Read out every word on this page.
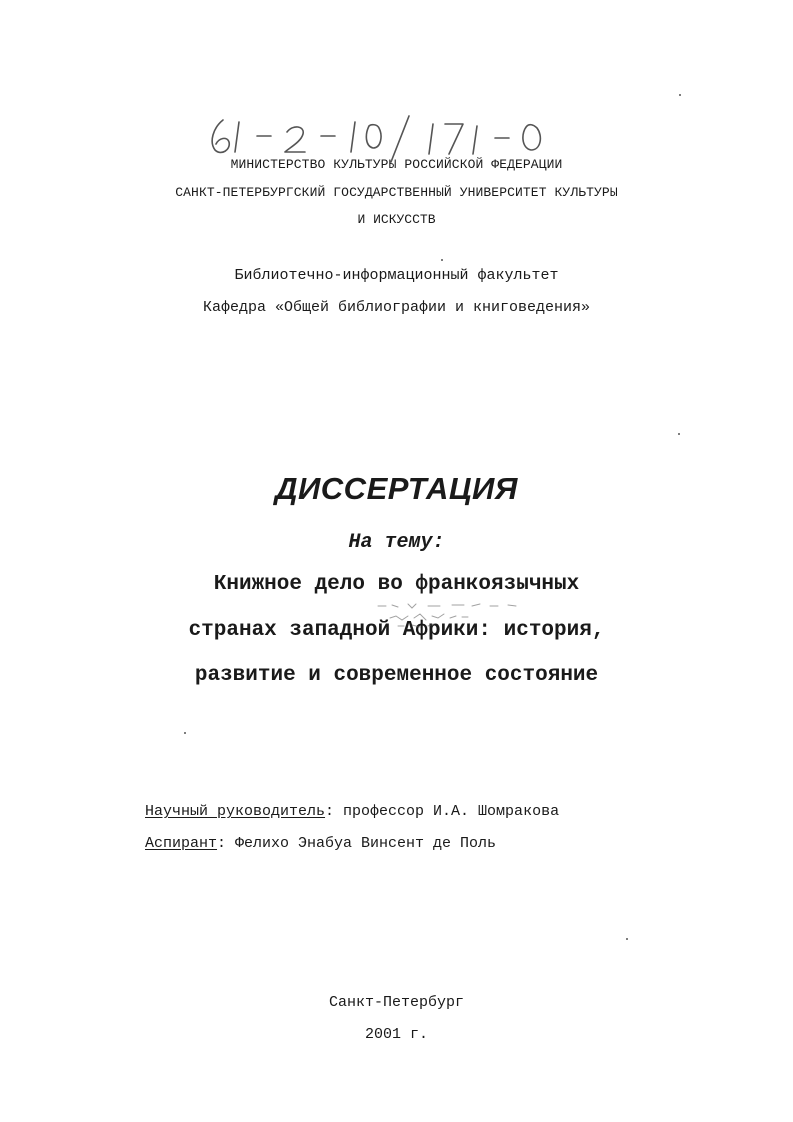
МИНИСТЕРСТВО КУЛЬТУРЫ РОССИЙСКОЙ ФЕДЕРАЦИИ
САНКТ-ПЕТЕРБУРГСКИЙ ГОСУДАРСТВЕННЫЙ УНИВЕРСИТЕТ КУЛЬТУРЫ
И ИСКУССТВ
Библиотечно-информационный факультет
Кафедра «Общей библиографии и книговедения»
ДИССЕРТАЦИЯ
На тему:
Книжное дело во франкоязычных
странах западной Африки: история,
развитие и современное состояние
Научный руководитель: профессор И.А. Шомракова
Аспирант: Фелихо Энабуа Винсент де Поль
Санкт-Петербург
2001 г.
